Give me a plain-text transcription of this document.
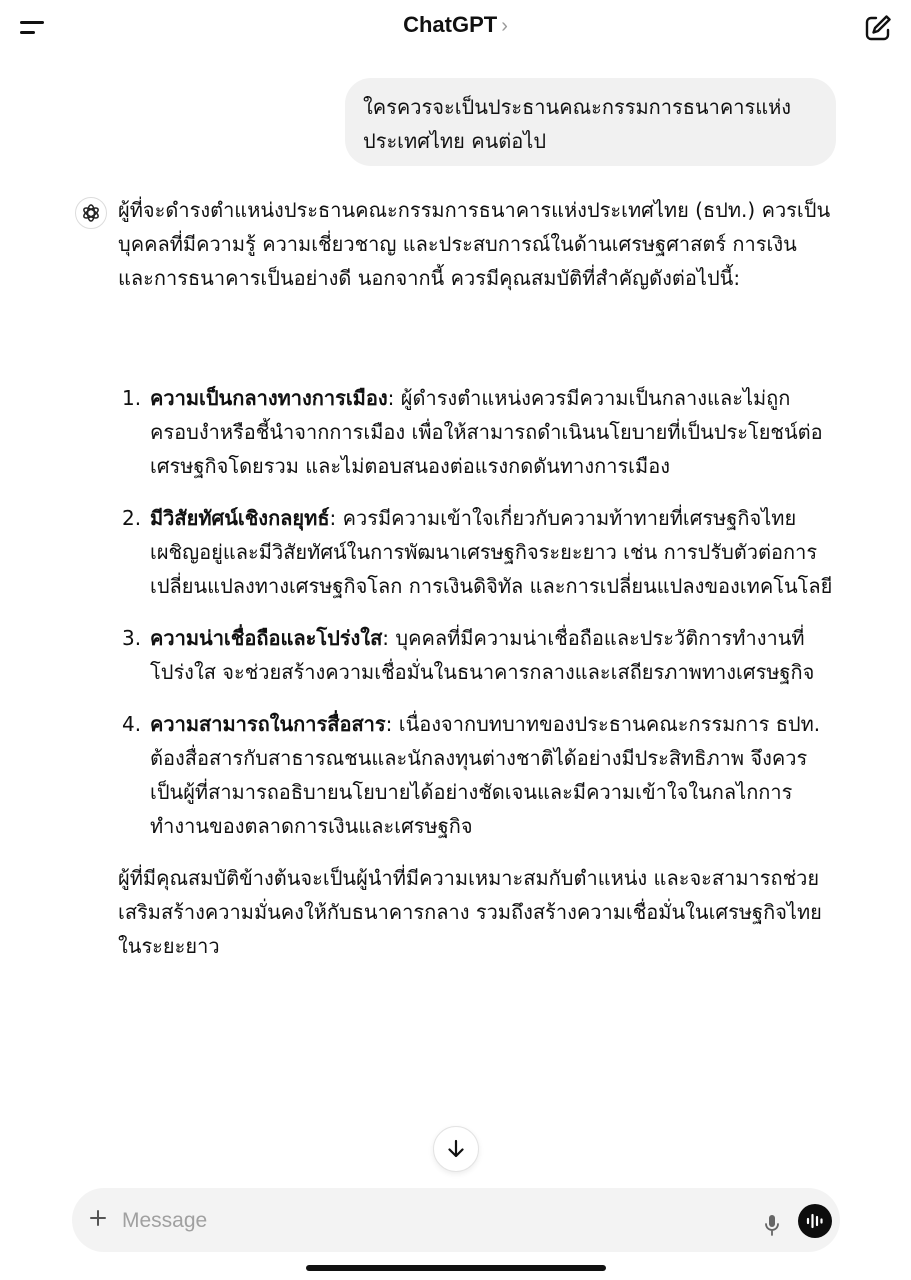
ChatGPT ›
ใครควรจะเป็นประธานคณะกรรมการธนาคารแห่งประเทศไทย คนต่อไป

ผู้ที่จะดำรงตำแหน่งประธานคณะกรรมการธนาคารแห่งประเทศไทย (ธปท.) ควรเป็นบุคคลที่มีความรู้ ความเชี่ยวชาญ และประสบการณ์ในด้านเศรษฐศาสตร์ การเงิน และการธนาคารเป็นอย่างดี นอกจากนี้ ควรมีคุณสมบัติที่สำคัญดังต่อไปนี้:

1. ความเป็นกลางทางการเมือง: ผู้ดำรงตำแหน่งควรมีความเป็นกลางและไม่ถูกครอบงำหรือชี้นำจากการเมือง เพื่อให้สามารถดำเนินนโยบายที่เป็นประโยชน์ต่อเศรษฐกิจโดยรวม และไม่ตอบสนองต่อแรงกดดันทางการเมือง
2. มีวิสัยทัศน์เชิงกลยุทธ์: ควรมีความเข้าใจเกี่ยวกับความท้าทายที่เศรษฐกิจไทยเผชิญอยู่และมีวิสัยทัศน์ในการพัฒนาเศรษฐกิจระยะยาว เช่น การปรับตัวต่อการเปลี่ยนแปลงทางเศรษฐกิจโลก การเงินดิจิทัล และการเปลี่ยนแปลงของเทคโนโลยี
3. ความน่าเชื่อถือและโปร่งใส: บุคคลที่มีความน่าเชื่อถือและประวัติการทำงานที่โปร่งใส จะช่วยสร้างความเชื่อมั่นในธนาคารกลางและเสถียรภาพทางเศรษฐกิจ
4. ความสามารถในการสื่อสาร: เนื่องจากบทบาทของประธานคณะกรรมการ ธปท. ต้องสื่อสารกับสาธารณชนและนักลงทุนต่างชาติได้อย่างมีประสิทธิภาพ จึงควรเป็นผู้ที่สามารถอธิบายนโยบายได้อย่างชัดเจนและมีความเข้าใจในกลไกการทำงานของตลาดการเงินและเศรษฐกิจ

ผู้ที่มีคุณสมบัติข้างต้นจะเป็นผู้นำที่มีความเหมาะสมกับตำแหน่ง และจะสามารถช่วยเสริมสร้างความมั่นคงให้กับธนาคารกลาง รวมถึงสร้างความเชื่อมั่นในเศรษฐกิจไทยในระยะยาว

Message
